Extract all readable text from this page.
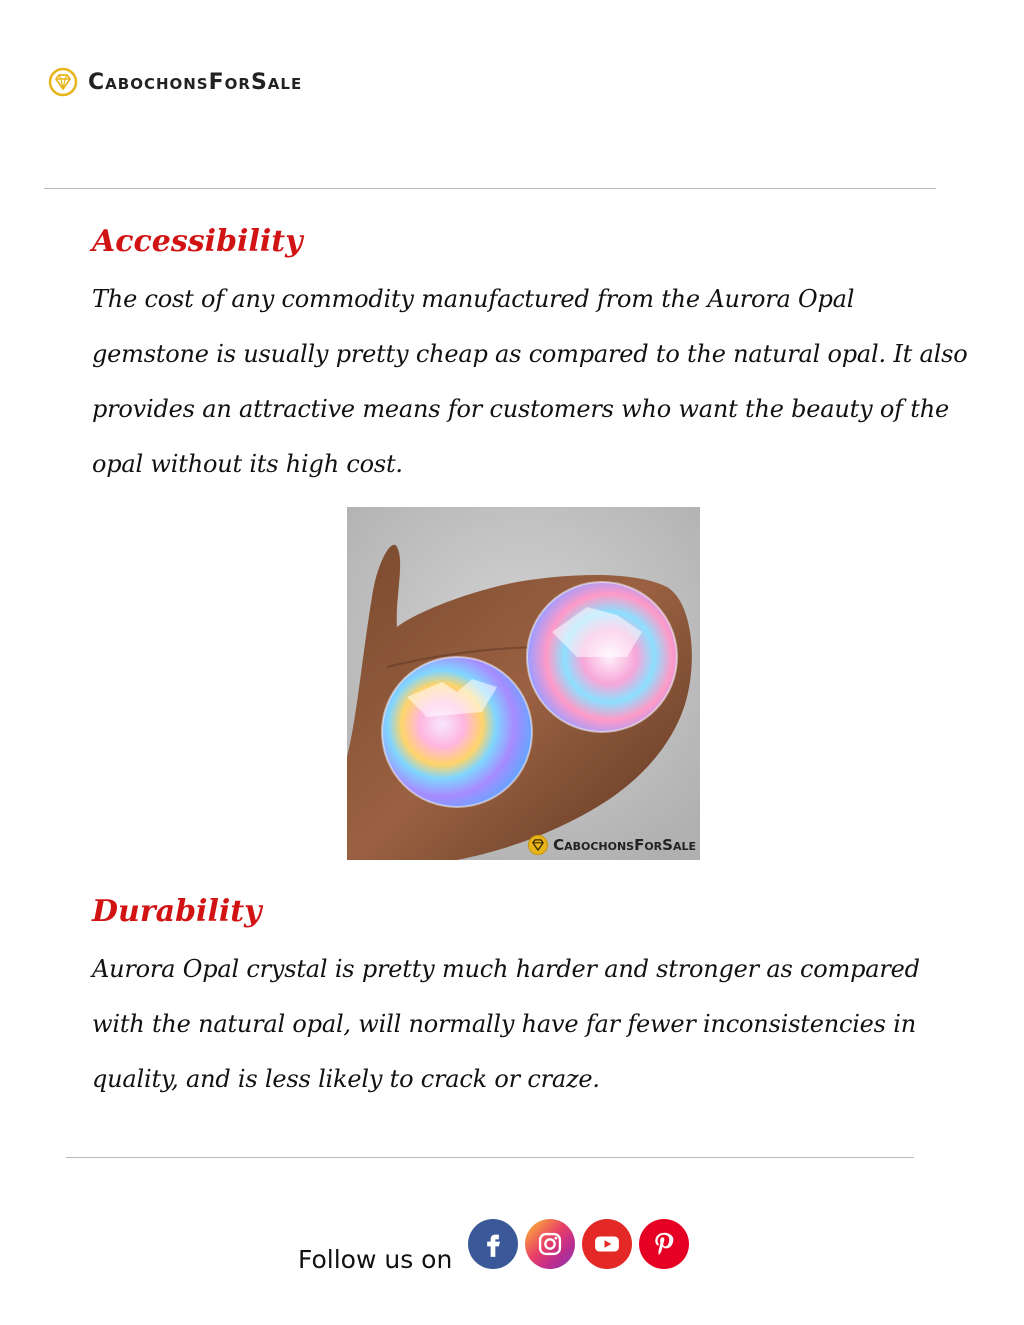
CabochonsForSale
Accessibility

The cost of any commodity manufactured from the Aurora Opal gemstone is usually pretty cheap as compared to the natural opal. It also provides an attractive means for customers who want the beauty of the opal without its high cost.

CabochonsForSale
Durability

Aurora Opal crystal is pretty much harder and stronger as compared with the natural opal, will normally have far fewer inconsistencies in quality, and is less likely to crack or craze.

Follow us on
